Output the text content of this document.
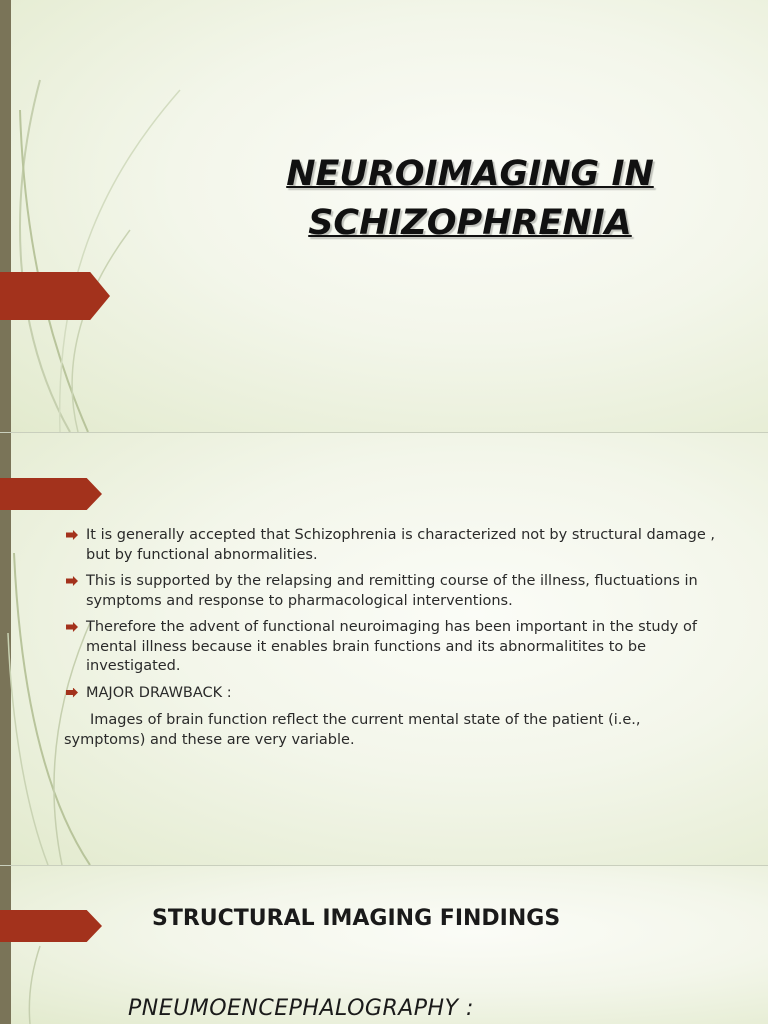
NEUROIMAGING IN
SCHIZOPHRENIA
It is generally accepted that Schizophrenia is characterized not by structural damage , but by functional abnormalities.
This is supported by the relapsing and remitting course of the illness, fluctuations in symptoms and response to pharmacological interventions.
Therefore the advent of functional neuroimaging has been important in the study of mental illness because it enables brain functions and its abnormalitites to be investigated.
MAJOR DRAWBACK :

Images of brain function reflect the current mental state of the patient (i.e., symptoms) and these are very variable.

STRUCTURAL IMAGING FINDINGS

PNEUMOENCEPHALOGRAPHY :
